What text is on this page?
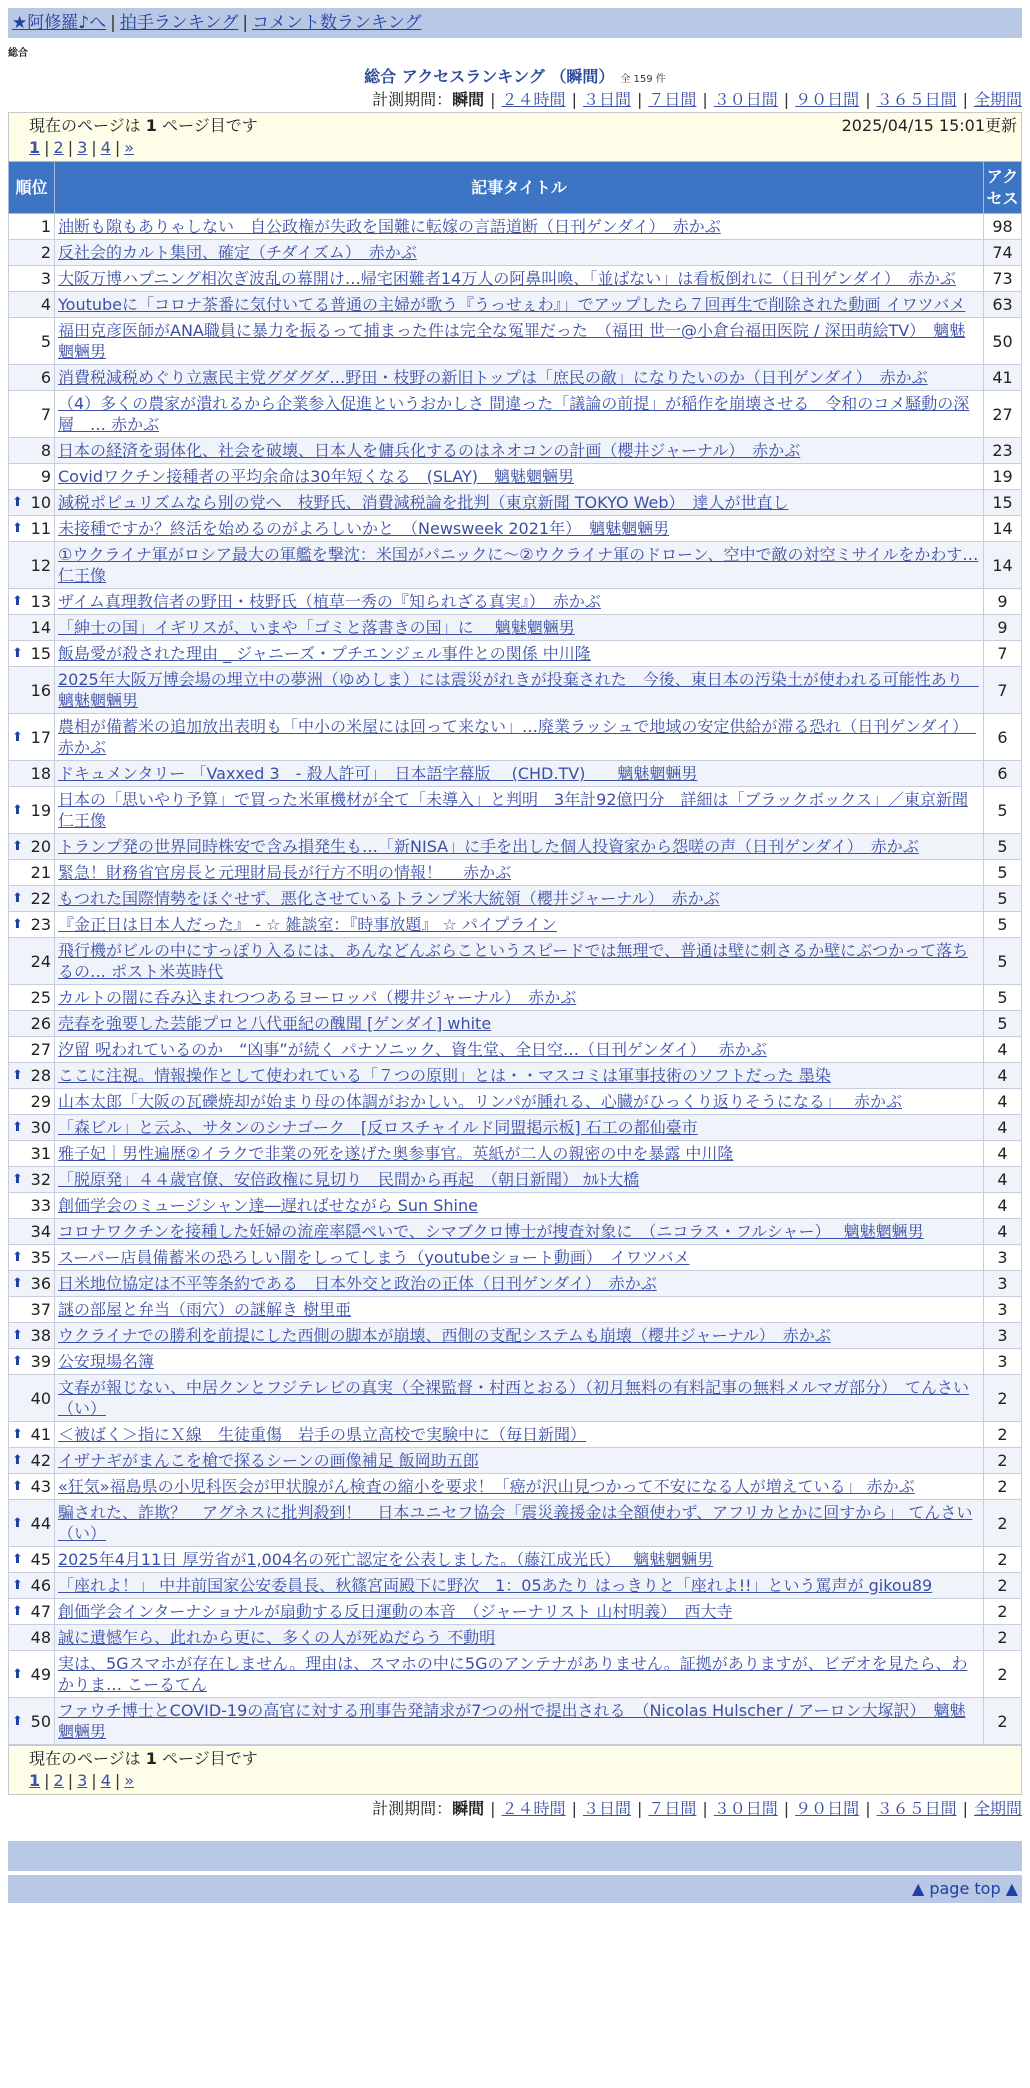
★阿修羅♪へ | 拍手ランキング | コメント数ランキング
総合
総合 アクセスランキング （瞬間） 全 159 件
計測期間：瞬間 | ２４時間 | ３日間 | ７日間 | ３０日間 | ９０日間 | ３６５日間 | 全期間
現在のページは 1 ページ目です	2025/04/15 15:01更新
1 | 2 | 3 | 4 | »
順位	記事タイトル	アクセス
1	油断も隙もありゃしない　自公政権が失政を国難に転嫁の言語道断（日刊ゲンダイ）　赤かぶ	98
2	反社会的カルト集団、確定（チダイズム）　赤かぶ	74
3	大阪万博ハプニング相次ぎ波乱の幕開け…帰宅困難者14万人の阿鼻叫喚、「並ばない」は看板倒れに（日刊ゲンダイ）　赤かぶ	73
4	Youtubeに「コロナ茶番に気付いてる普通の主婦が歌う『うっせぇわ』」でアップしたら７回再生で削除された動画 イワツバメ	63
5	福田克彦医師がANA職員に暴力を振るって捕まった件は完全な冤罪だった　（福田 世一@小倉台福田医院 / 深田萌絵TV）　魑魅魍魎男	50
6	消費税減税めぐり立憲民主党グダグダ…野田・枝野の新旧トップは「庶民の敵」になりたいのか（日刊ゲンダイ）　赤かぶ	41
7	（4）多くの農家が潰れるから企業参入促進というおかしさ 間違った「議論の前提」が稲作を崩壊させる　令和のコメ騒動の深層　… 赤かぶ	27
8	日本の経済を弱体化、社会を破壊、日本人を傭兵化するのはネオコンの計画（櫻井ジャーナル）　赤かぶ	23
9	Covidワクチン接種者の平均余命は30年短くなる　(SLAY)　魑魅魍魎男	19

⬆ 10	減税ポピュリズムなら別の党へ　枝野氏、消費減税論を批判（東京新聞 TOKYO Web）　達人が世直し	15

⬆ 11	未接種ですか？終活を始めるのがよろしいかと　（Newsweek 2021年）　魑魅魍魎男	14
12	①ウクライナ軍がロシア最大の軍艦を撃沈：米国がパニックに～②ウクライナ軍のドローン、空中で敵の対空ミサイルをかわす… 仁王像	14

⬆ 13	ザイム真理教信者の野田・枝野氏（植草一秀の『知られざる真実』）　赤かぶ	9
14	「紳士の国」イギリスが、いまや「ゴミと落書きの国」に　 魑魅魍魎男	9

⬆ 15	飯島愛が殺された理由 _ ジャニーズ・プチエンジェル事件との関係 中川隆	7
16	2025年大阪万博会場の埋立中の夢洲（ゆめしま）には震災がれきが投棄された　今後、東日本の汚染土が使われる可能性あり　魑魅魍魎男	7

⬆ 17	農相が備蓄米の追加放出表明も「中小の米屋には回って来ない」…廃業ラッシュで地域の安定供給が滞る恐れ（日刊ゲンダイ）　赤かぶ	6
18	ドキュメンタリー 「Vaxxed 3　- 殺人許可」　日本語字幕版　 (CHD.TV)　　魑魅魍魎男	6

⬆ 19	日本の「思いやり予算」で買った米軍機材が全て「未導入」と判明　3年計92億円分　詳細は「ブラックボックス」／東京新聞 仁王像	5

⬆ 20	トランプ発の世界同時株安で含み損発生も…「新NISA」に手を出した個人投資家から怨嗟の声（日刊ゲンダイ）　赤かぶ	5
21	緊急！財務省官房長と元理財局長が行方不明の情報！　 赤かぶ	5

⬆ 22	もつれた国際情勢をほぐせず、悪化させているトランプ米大統領（櫻井ジャーナル）　赤かぶ	5

⬆ 23	『金正日は日本人だった』 - ☆ 雑談室：『時事放題』 ☆ パイプライン	5
24	飛行機がビルの中にすっぽり入るには、あんなどんぶらこというスピードでは無理で、普通は壁に刺さるか壁にぶつかって落ちるの… ポスト米英時代	5
25	カルトの闇に呑み込まれつつあるヨーロッパ（櫻井ジャーナル）　赤かぶ	5
26	売春を強要した芸能プロと八代亜紀の醜聞 [ゲンダイ] white	5
27	汐留 呪われているのか　“凶事”が続く パナソニック、資生堂、全日空…（日刊ゲンダイ）　 赤かぶ	4

⬆ 28	ここに注視。情報操作として使われている「７つの原則」とは・・マスコミは軍事技術のソフトだった 墨染	4
29	山本太郎「大阪の瓦礫焼却が始まり母の体調がおかしい。リンパが腫れる、心臓がひっくり返りそうになる」　 赤かぶ	4

⬆ 30	「森ビル」と云ふ、サタンのシナゴーク　[反ロスチャイルド同盟掲示板] 石工の都仙臺市	4
31	雅子妃｜男性遍歴②イラクで非業の死を遂げた奥参事官。英紙が二人の親密の中を暴露 中川隆	4

⬆ 32	「脱原発」４４歳官僚、安倍政権に見切り　民間から再起　（朝日新聞） ｶﾙﾄ大橋	4
33	創価学会のミュージシャン達―遅ればせながら Sun Shine	4
34	コロナワクチンを接種した妊婦の流産率隠ぺいで、シマブクロ博士が捜査対象に　（ニコラス・フルシャー）　 魑魅魍魎男	4

⬆ 35	スーパー店員備蓄米の恐ろしい闇をしってしまう（youtubeショート動画）　イワツバメ	3

⬆ 36	日米地位協定は不平等条約である　日本外交と政治の正体（日刊ゲンダイ）　赤かぶ	3
37	謎の部屋と弁当（雨穴）の謎解き 樹里亜	3

⬆ 38	ウクライナでの勝利を前提にした西側の脚本が崩壊、西側の支配システムも崩壊（櫻井ジャーナル）　赤かぶ	3

⬆ 39	公安現場名簿	3
40	文春が報じない、中居クンとフジテレビの真実（全裸監督・村西とおる）（初月無料の有料記事の無料メルマガ部分）　てんさい（い）	2

⬆ 41	＜被ばく＞指にＸ線　生徒重傷　岩手の県立高校で実験中に（毎日新聞）	2

⬆ 42	イザナギがまんこを槍で探るシーンの画像補足 飯岡助五郎	2

⬆ 43	«狂気»福島県の小児科医会が甲状腺がん検査の縮小を要求！「癌が沢山見つかって不安になる人が増えている」 赤かぶ	2

⬆ 44	騙された、詐欺？　アグネスに批判殺到！　日本ユニセフ協会「震災義援金は全額使わず、アフリカとかに回すから」 てんさい（い）	2

⬆ 45	2025年4月11日 厚労省が1,004名の死亡認定を公表しました。（藤江成光氏）　 魑魅魍魎男	2

⬆ 46	「座れよ！」 中井前国家公安委員長、秋篠宮両殿下に野次　1：05あたり はっきりと「座れよ!!」という罵声が gikou89	2

⬆ 47	創価学会インターナショナルが扇動する反日運動の本音　（ジャーナリスト 山村明義）　西大寺	2
48	誠に遺憾乍ら、此れから更に、多くの人が死ぬだらう 不動明	2

⬆ 49	実は、5Gスマホが存在しません。理由は、スマホの中に5Gのアンテナがありません。証拠がありますが、ビデオを見たら、わかりま… こーるてん	2

⬆ 50	ファウチ博士とCOVID-19の高官に対する刑事告発請求が7つの州で提出される　（Nicolas Hulscher / アーロン大塚訳）　魑魅魍魎男	2
現在のページは 1 ページ目です
1 | 2 | 3 | 4 | »
計測期間：瞬間 | ２４時間 | ３日間 | ７日間 | ３０日間 | ９０日間 | ３６５日間 | 全期間
▲ page top ▲
